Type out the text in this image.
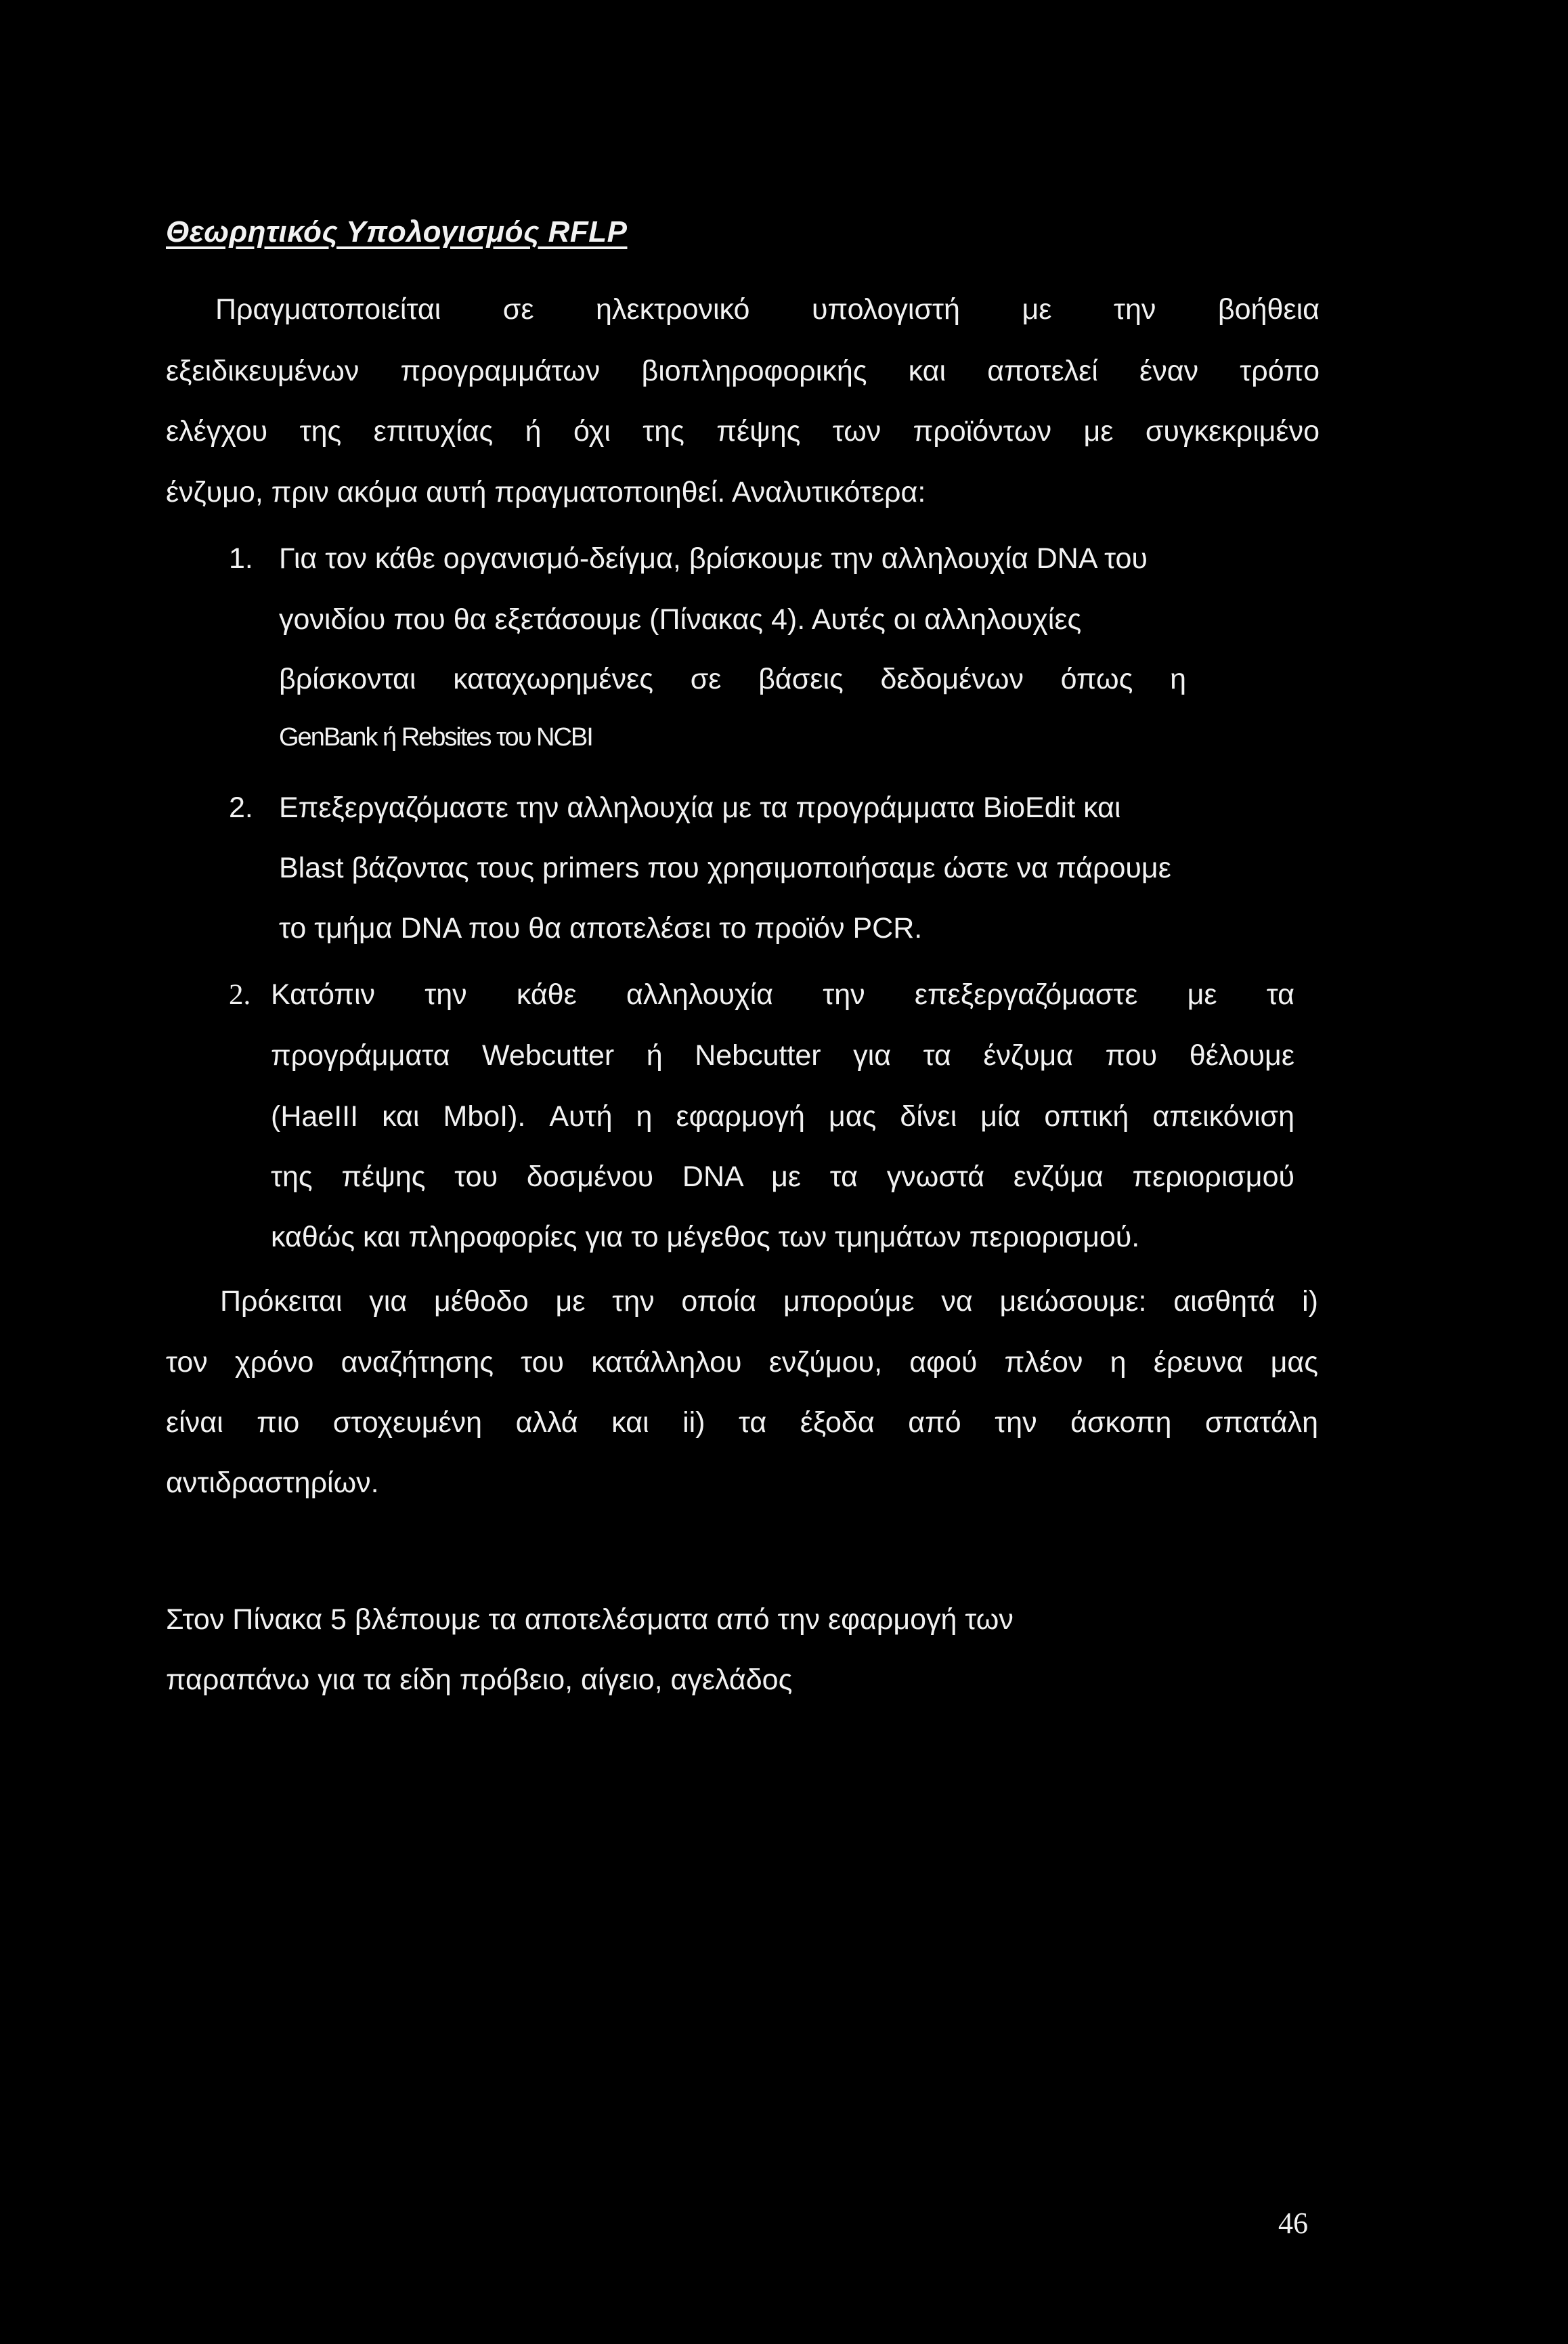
Θεωρητικός Υπολογισμός RFLP
Πραγματοποιείται σε ηλεκτρονικό υπολογιστή με την βοήθεια
εξειδικευμένων προγραμμάτων βιοπληροφορικής και αποτελεί έναν τρόπο
ελέγχου της επιτυχίας ή όχι της πέψης των προϊόντων με συγκεκριμένο
ένζυμο, πριν ακόμα αυτή πραγματοποιηθεί. Αναλυτικότερα:
1. Για τον κάθε οργανισμό-δείγμα, βρίσκουμε την αλληλουχία DNA του
γονιδίου που θα εξετάσουμε (Πίνακας 4). Αυτές οι αλληλουχίες
βρίσκονται καταχωρημένες σε βάσεις δεδομένων όπως η
GenBank ή Rebsites του NCBI
2. Επεξεργαζόμαστε την αλληλουχία με τα προγράμματα BioEdit και
Blast βάζοντας τους primers που χρησιμοποιήσαμε ώστε να πάρουμε
το τμήμα DNA που θα αποτελέσει το προϊόν PCR.
2. Κατόπιν την κάθε αλληλουχία την επεξεργαζόμαστε με τα
προγράμματα Webcutter ή Nebcutter για τα ένζυμα που θέλουμε
(HaeIII και MboI). Αυτή η εφαρμογή μας δίνει μία οπτική απεικόνιση
της πέψης του δοσμένου DNA με τα γνωστά ενζύμα περιορισμού
καθώς και πληροφορίες για το μέγεθος των τμημάτων περιορισμού.
Πρόκειται για μέθοδο με την οποία μπορούμε να μειώσουμε: αισθητά i)
τον χρόνο αναζήτησης του κατάλληλου ενζύμου, αφού πλέον η έρευνα μας
είναι πιο στοχευμένη αλλά και ii) τα έξοδα από την άσκοπη σπατάλη
αντιδραστηρίων.
Στον Πίνακα 5 βλέπουμε τα αποτελέσματα από την εφαρμογή των
παραπάνω για τα είδη πρόβειο, αίγειο, αγελάδος
46
